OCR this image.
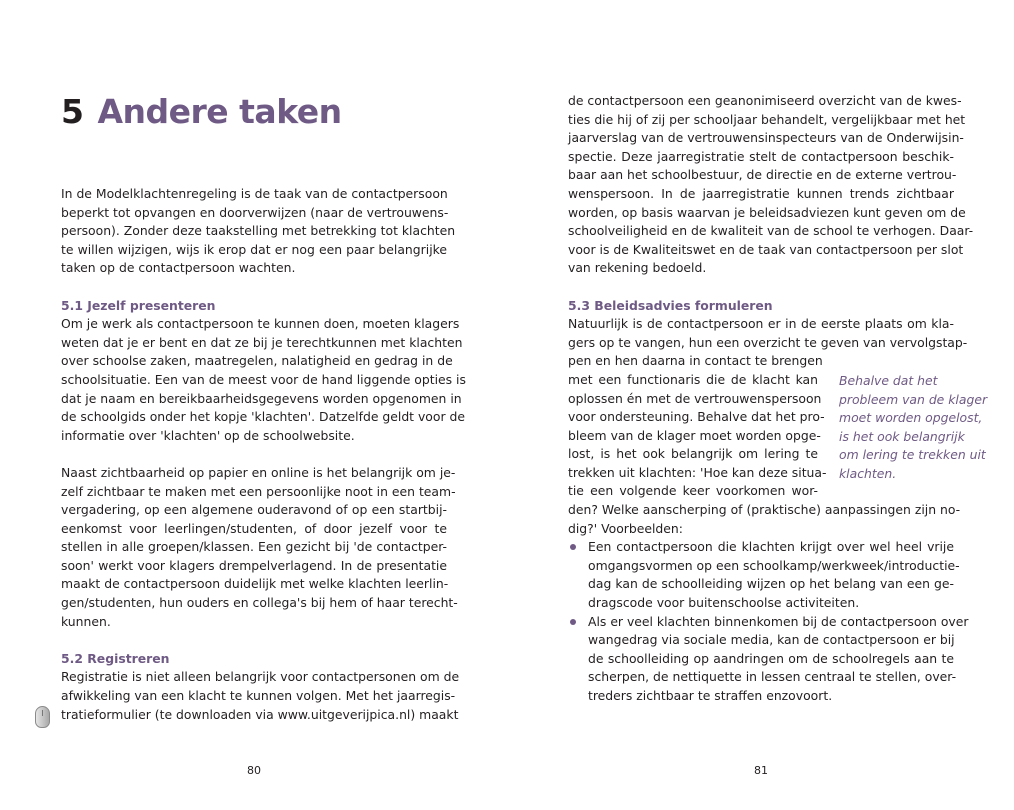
5 Andere taken
In de Modelklachtenregeling is de taak van de contactpersoon
beperkt tot opvangen en doorverwijzen (naar de vertrouwens-
persoon). Zonder deze taakstelling met betrekking tot klachten
te willen wijzigen, wijs ik erop dat er nog een paar belangrijke
taken op de contactpersoon wachten.
5.1 Jezelf presenteren
Om je werk als contactpersoon te kunnen doen, moeten klagers
weten dat je er bent en dat ze bij je terechtkunnen met klachten
over schoolse zaken, maatregelen, nalatigheid en gedrag in de
schoolsituatie. Een van de meest voor de hand liggende opties is
dat je naam en bereikbaarheidsgegevens worden opgenomen in
de schoolgids onder het kopje 'klachten'. Datzelfde geldt voor de
informatie over 'klachten' op de schoolwebsite.
Naast zichtbaarheid op papier en online is het belangrijk om je-
zelf zichtbaar te maken met een persoonlijke noot in een team-
vergadering, op een algemene ouderavond of op een startbij-
eenkomst voor leerlingen/studenten, of door jezelf voor te
stellen in alle groepen/klassen. Een gezicht bij 'de contactper-
soon' werkt voor klagers drempelverlagend. In de presentatie
maakt de contactpersoon duidelijk met welke klachten leerlin-
gen/studenten, hun ouders en collega's bij hem of haar terecht-
kunnen.
5.2 Registreren
Registratie is niet alleen belangrijk voor contactpersonen om de
afwikkeling van een klacht te kunnen volgen. Met het jaarregis-
tratieformulier (te downloaden via www.uitgeverijpica.nl) maakt
80
de contactpersoon een geanonimiseerd overzicht van de kwes-
ties die hij of zij per schooljaar behandelt, vergelijkbaar met het
jaarverslag van de vertrouwensinspecteurs van de Onderwijsin-
spectie. Deze jaarregistratie stelt de contactpersoon beschik-
baar aan het schoolbestuur, de directie en de externe vertrou-
wenspersoon. In de jaarregistratie kunnen trends zichtbaar
worden, op basis waarvan je beleidsadviezen kunt geven om de
schoolveiligheid en de kwaliteit van de school te verhogen. Daar-
voor is de Kwaliteitswet en de taak van contactpersoon per slot
van rekening bedoeld.
5.3 Beleidsadvies formuleren
Natuurlijk is de contactpersoon er in de eerste plaats om kla-
gers op te vangen, hun een overzicht te geven van vervolgstap-
pen en hen daarna in contact te brengen
met een functionaris die de klacht kan
oplossen én met de vertrouwenspersoon
voor ondersteuning. Behalve dat het pro-
bleem van de klager moet worden opge-
lost, is het ook belangrijk om lering te
trekken uit klachten: 'Hoe kan deze situa-
tie een volgende keer voorkomen wor-
den? Welke aanscherping of (praktische) aanpassingen zijn no-
dig?' Voorbeelden:
Een contactpersoon die klachten krijgt over wel heel vrije
omgangsvormen op een schoolkamp/werkweek/introductie-
dag kan de schoolleiding wijzen op het belang van een ge-
dragscode voor buitenschoolse activiteiten.
Als er veel klachten binnenkomen bij de contactpersoon over
wangedrag via sociale media, kan de contactpersoon er bij
de schoolleiding op aandringen om de schoolregels aan te
scherpen, de nettiquette in lessen centraal te stellen, over-
treders zichtbaar te straffen enzovoort.
Behalve dat het
probleem van de klager
moet worden opgelost,
is het ook belangrijk
om lering te trekken uit
klachten.
81
